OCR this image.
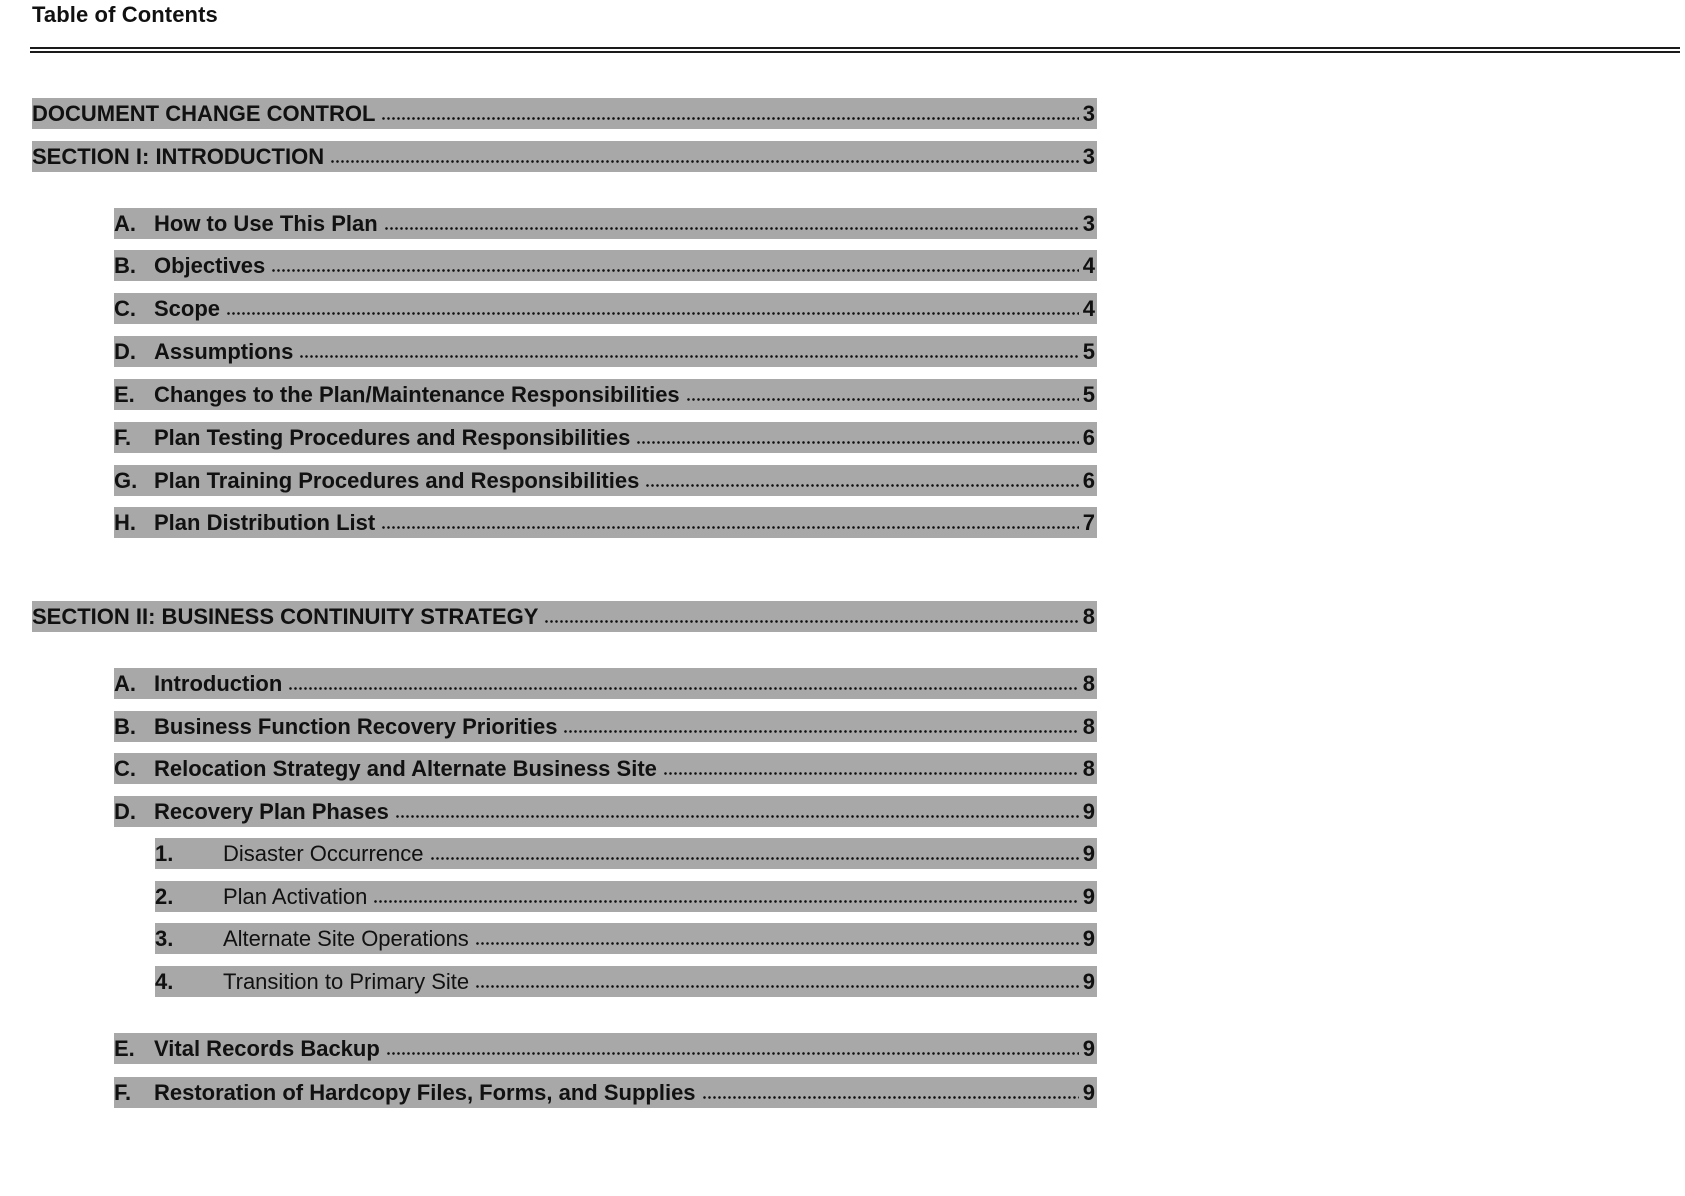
Table of Contents
DOCUMENT CHANGE CONTROL	3
SECTION I: INTRODUCTION	3
A. How to Use This Plan	3
B. Objectives	4
C. Scope	4
D. Assumptions	5
E. Changes to the Plan/Maintenance Responsibilities	5
F.	Plan Testing Procedures and Responsibilities	6
G. Plan Training Procedures and Responsibilities	6
H. Plan Distribution List	7
SECTION II: BUSINESS CONTINUITY STRATEGY	8
A. Introduction	8
B. Business Function Recovery Priorities	8
C. Relocation Strategy and Alternate Business Site	8
D. Recovery Plan Phases	9
1.	Disaster Occurrence	9
2.	Plan Activation	9
3.	Alternate Site Operations	9
4.	Transition to Primary Site	9
E. Vital Records Backup	9
F.	Restoration of Hardcopy Files, Forms, and Supplies	9
